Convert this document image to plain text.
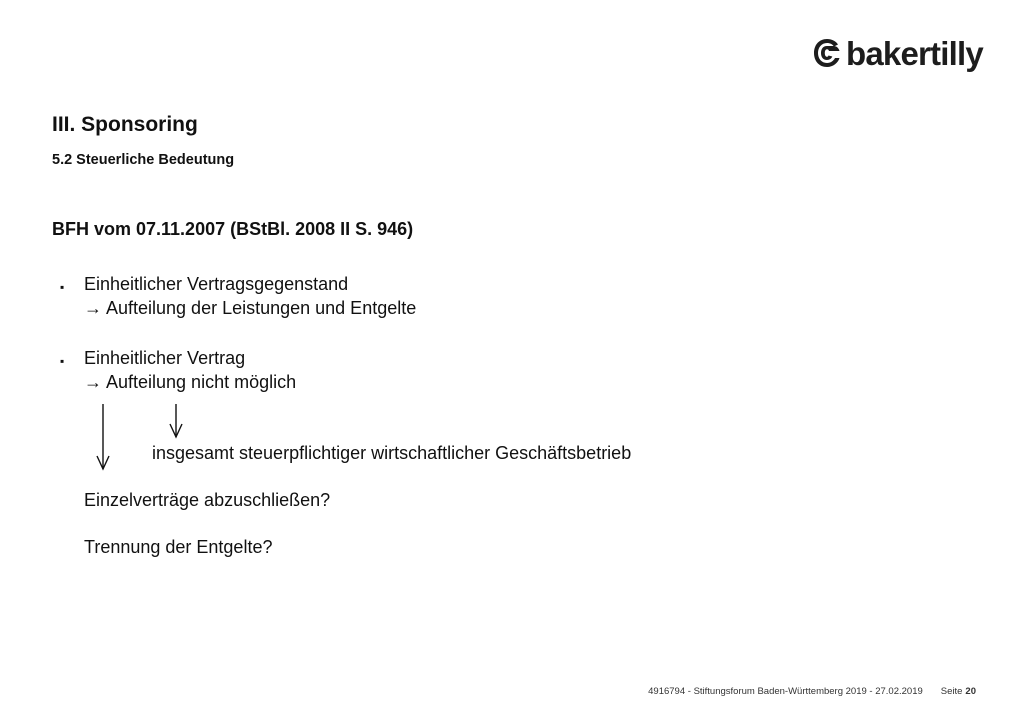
bakertilly
III. Sponsoring
5.2 Steuerliche Bedeutung
BFH vom 07.11.2007 (BStBl. 2008 II S. 946)
▪ Einheitlicher Vertragsgegenstand
→ Aufteilung der Leistungen und Entgelte
▪ Einheitlicher Vertrag
→ Aufteilung nicht möglich
insgesamt steuerpflichtiger wirtschaftlicher Geschäftsbetrieb
Einzelverträge abzuschließen?
Trennung der Entgelte?
4916794 - Stiftungsforum Baden-Württemberg 2019 - 27.02.2019 Seite 20
